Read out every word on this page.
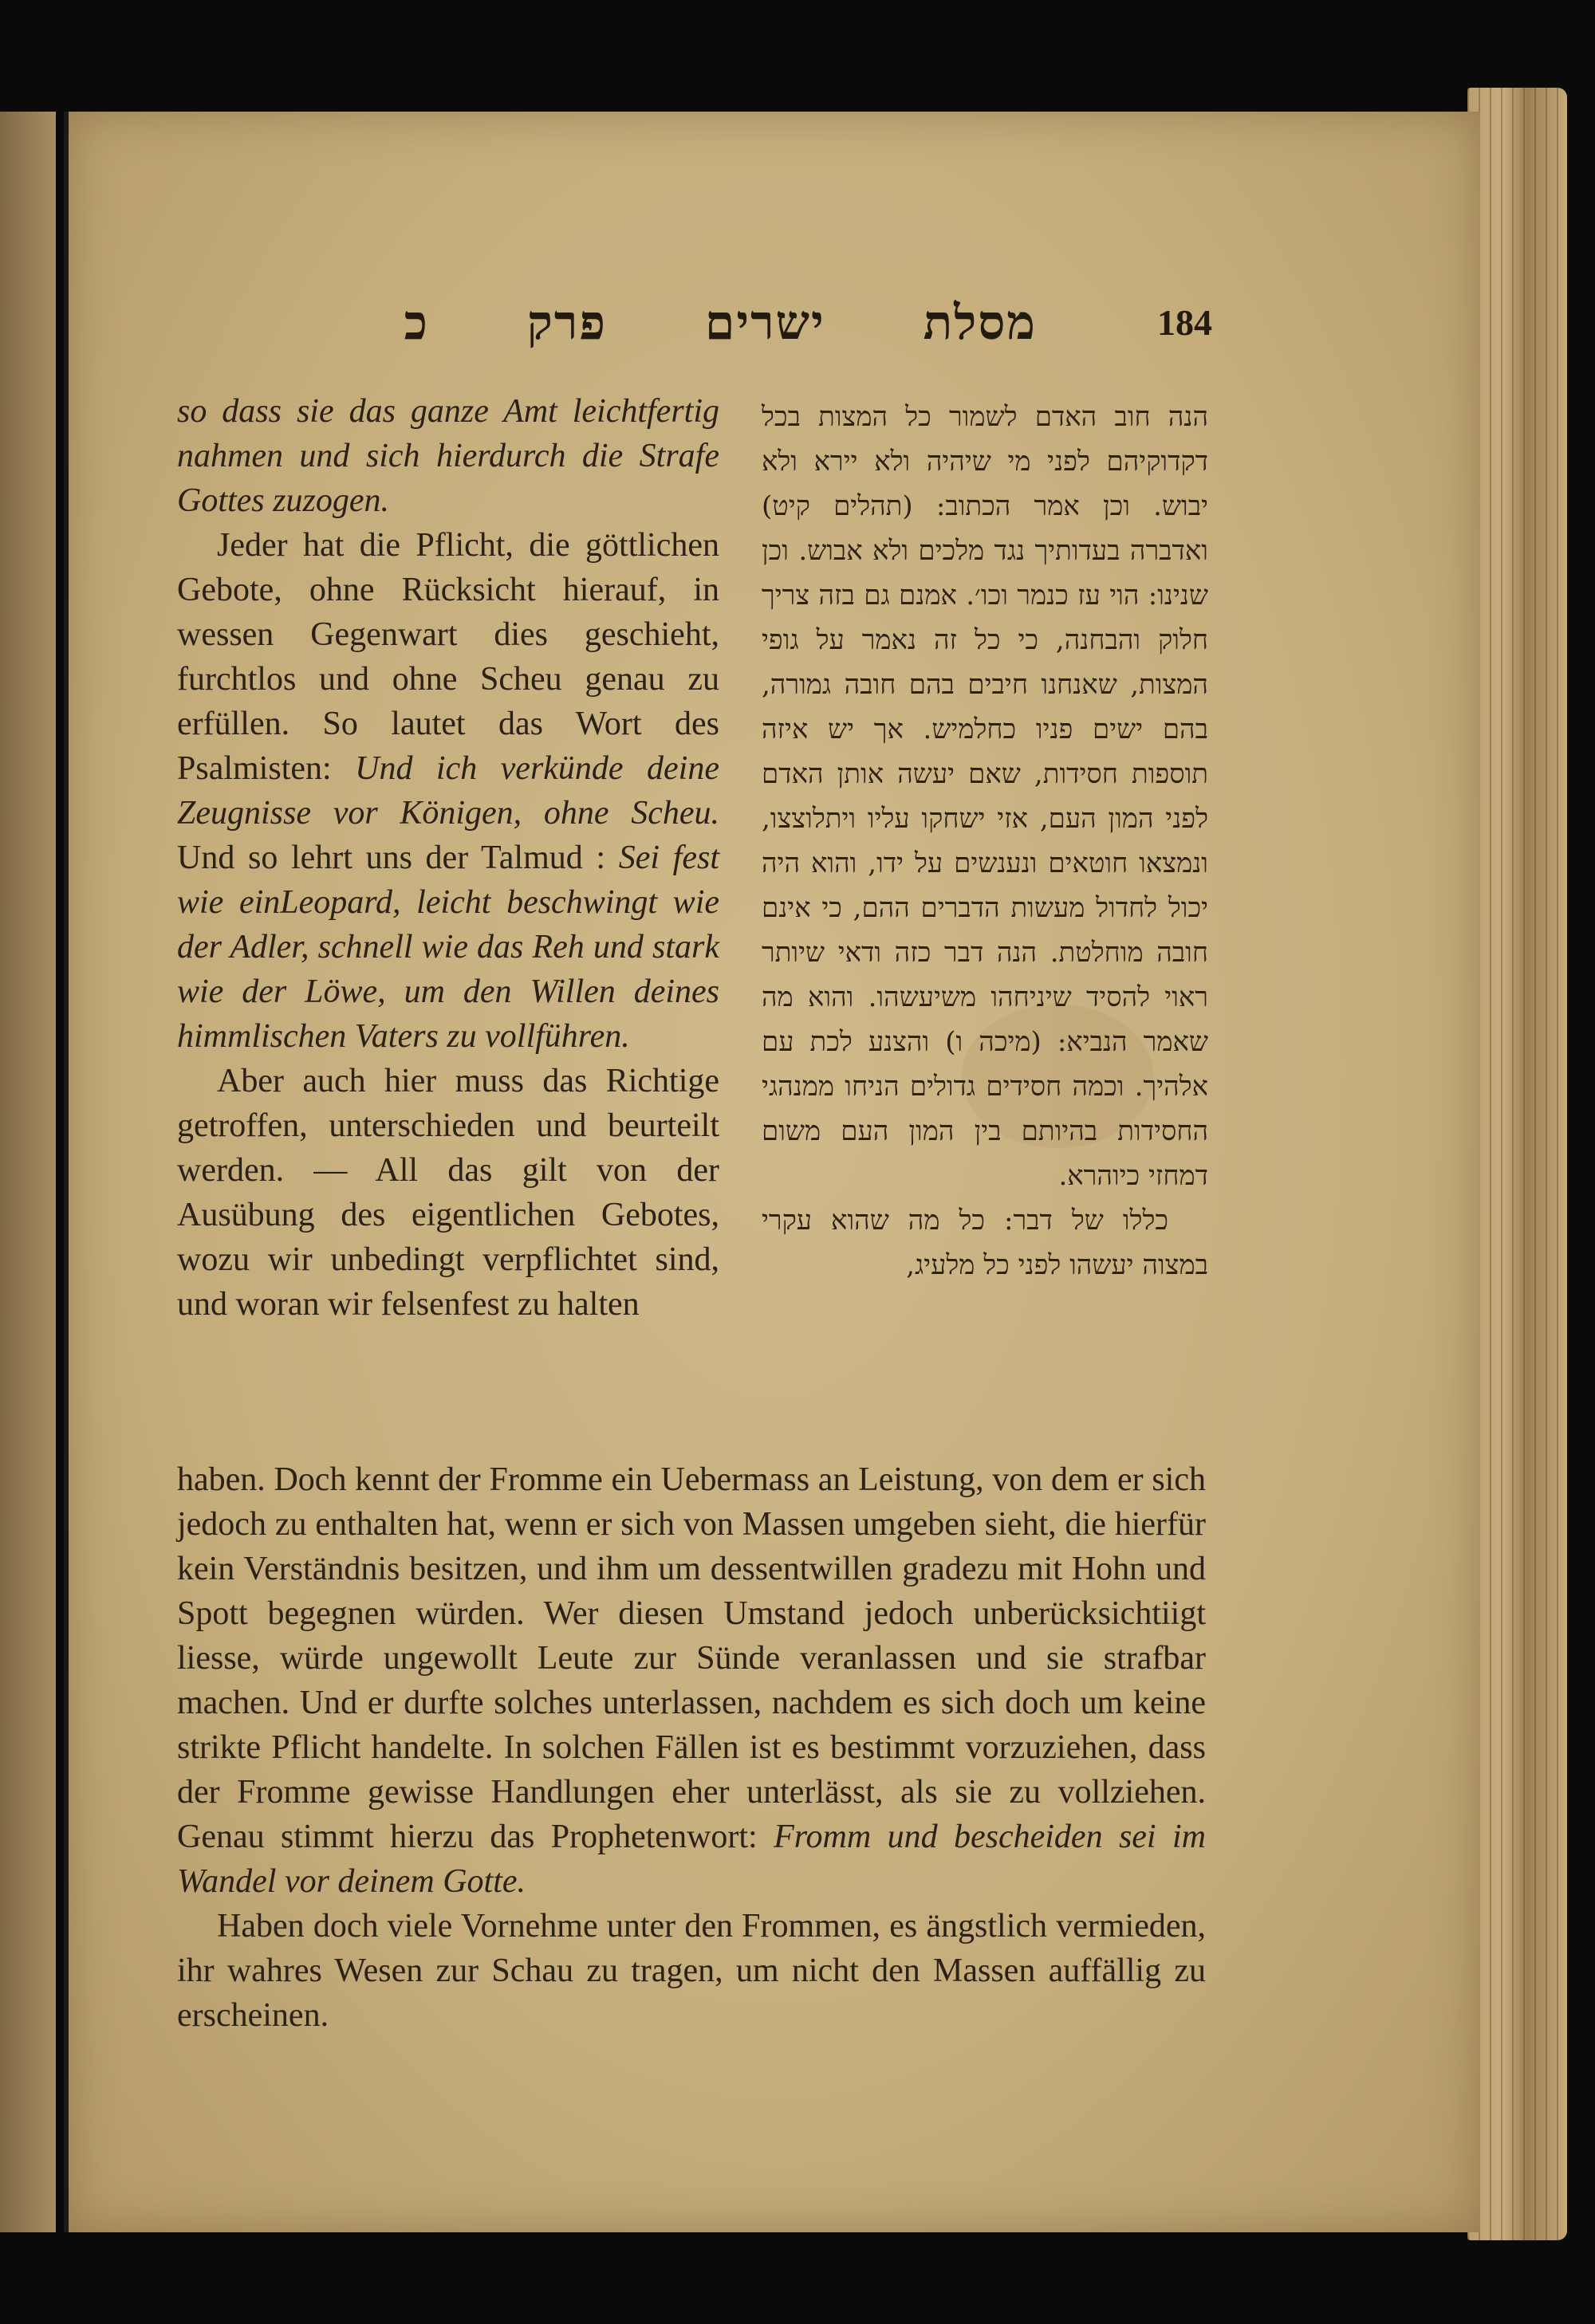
מסלת ישרים פרק כ	184

so dass sie das ganze Amt leichtfertig nahmen und sich hierdurch die Strafe Gottes zuzogen.

Jeder hat die Pflicht, die göttlichen Gebote, ohne Rücksicht hierauf, in wessen Gegenwart dies geschieht, furchtlos und ohne Scheu genau zu erfüllen. So lautet das Wort des Psalmisten: Und ich verkünde deine Zeugnisse vor Königen, ohne Scheu. Und so lehrt uns der Talmud : Sei fest wie einLeopard, leicht beschwingt wie der Adler, schnell wie das Reh und stark wie der Löwe, um den Willen deines himmlischen Vaters zu vollführen.

Aber auch hier muss das Richtige getroffen, unterschieden und beurteilt werden. — All das gilt von der Ausübung des eigentlichen Gebotes, wozu wir unbedingt verpflichtet sind, und woran wir felsenfest zu halten

הנה חוב האדם לשמור כל המצות בכל דקדוקיהם לפני מי שיהיה ולא יירא ולא יבוש. וכן אמר הכתוב: (תהלים קיט) ואדברה בעדותיך נגד מלכים ולא אבוש. וכן שנינו: הוי עז כנמר וכו׳. אמנם גם בזה צריך חלוק והבחנה, כי כל זה נאמר על גופי המצות, שאנחנו חיבים בהם חובה גמורה, בהם ישים פניו כחלמיש. אך יש איזה תוספות חסידות, שאם יעשה אותן האדם לפני המון העם, אזי ישחקו עליו ויתלוצצו, ונמצאו חוטאים ונענשים על ידו, והוא היה יכול לחדול מעשות הדברים ההם, כי אינם חובה מוחלטת. הנה דבר כזה ודאי שיותר ראוי להסיד שיניחהו משיעשהו. והוא מה שאמר הנביא: (מיכה ו) והצנע לכת עם אלהיך. וכמה חסידים גדולים הניחו ממנהגי החסידות בהיותם בין המון העם משום דמחזי כיוהרא.

כללו של דבר: כל מה שהוא עקרי במצוה יעשהו לפני כל מלעיג,

haben. Doch kennt der Fromme ein Uebermass an Leistung, von dem er sich jedoch zu enthalten hat, wenn er sich von Massen umgeben sieht, die hierfür kein Verständnis besitzen, und ihm um dessentwillen gradezu mit Hohn und Spott begegnen würden. Wer diesen Umstand jedoch unberücksichtiigt liesse, würde ungewollt Leute zur Sünde veranlassen und sie strafbar machen. Und er durfte solches unterlassen, nachdem es sich doch um keine strikte Pflicht handelte. In solchen Fällen ist es bestimmt vorzuziehen, dass der Fromme gewisse Handlungen eher unterlässt, als sie zu vollziehen. Genau stimmt hierzu das Prophetenwort: Fromm und bescheiden sei im Wandel vor deinem Gotte.

Haben doch viele Vornehme unter den Frommen, es ängstlich vermieden, ihr wahres Wesen zur Schau zu tragen, um nicht den Massen auffällig zu erscheinen.
